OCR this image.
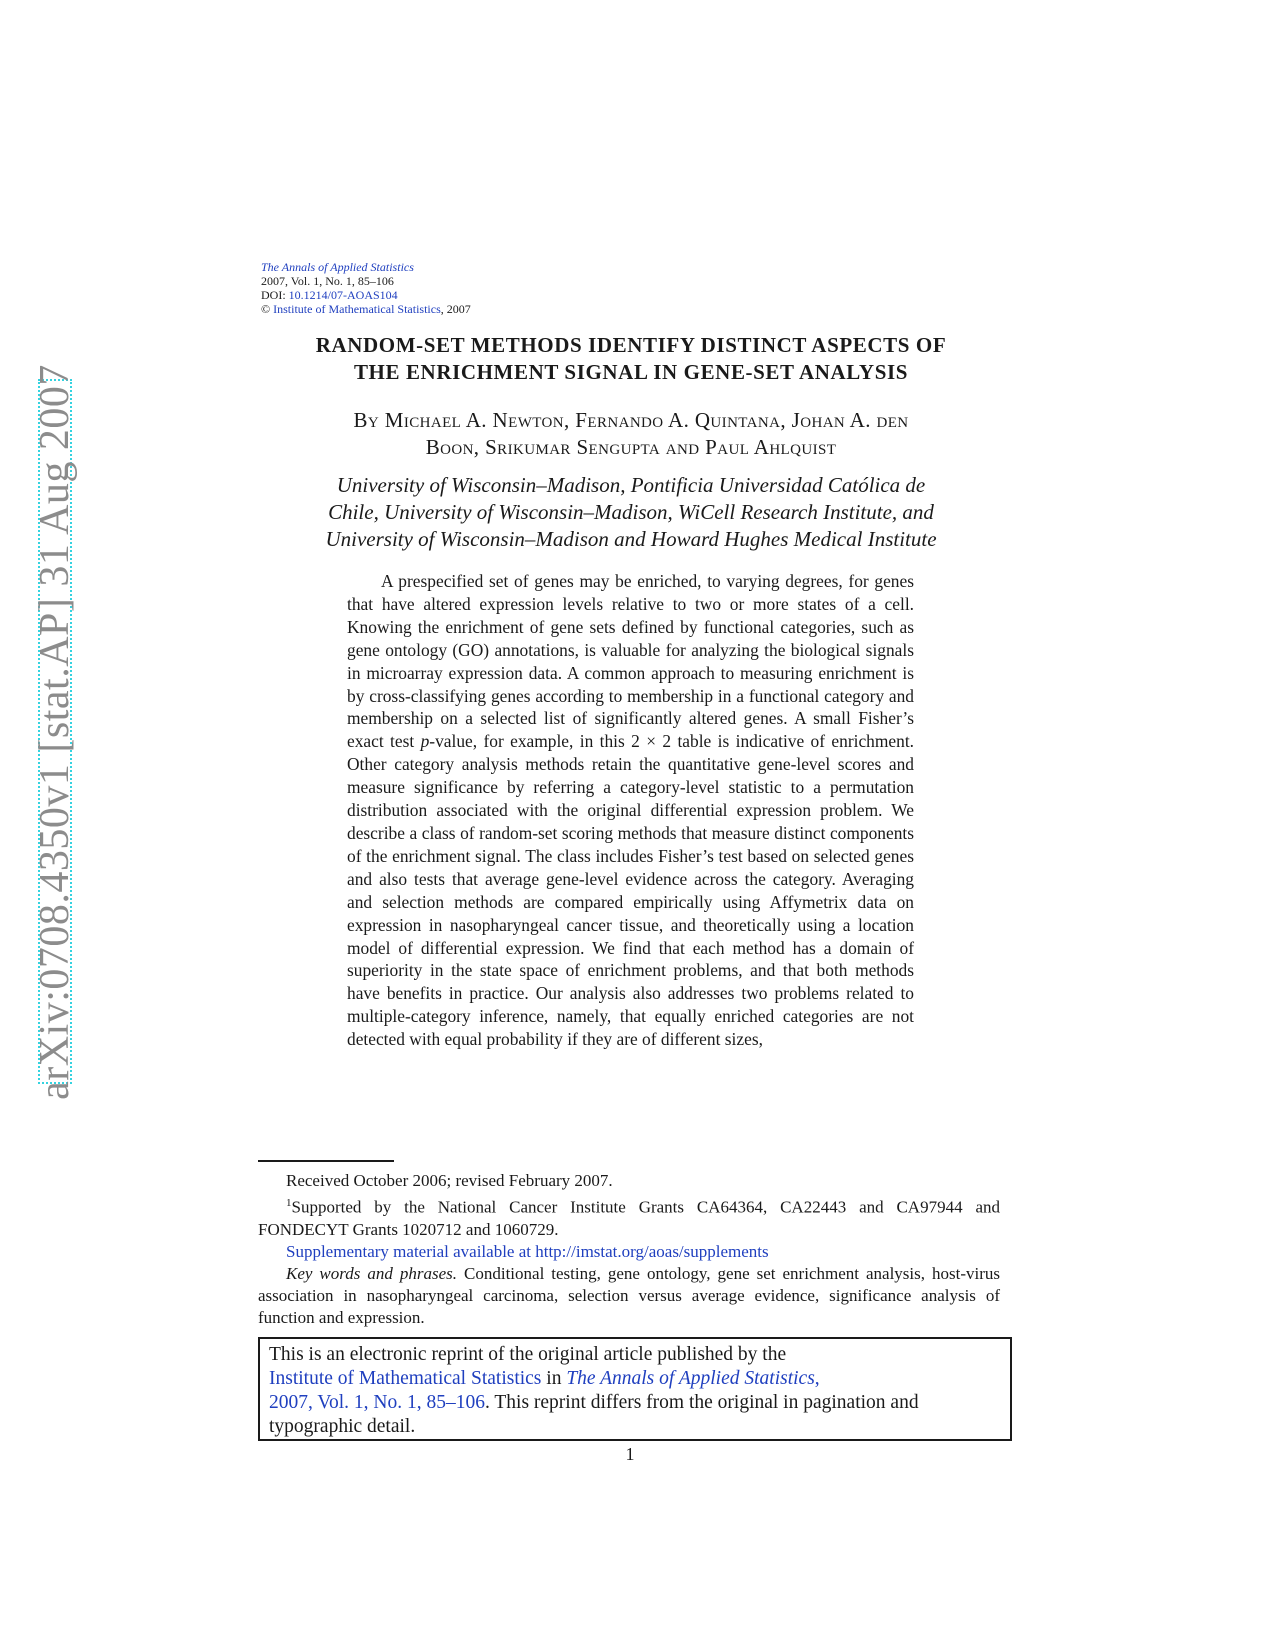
arXiv:0708.4350v1 [stat.AP] 31 Aug 2007
The Annals of Applied Statistics
2007, Vol. 1, No. 1, 85–106
DOI: 10.1214/07-AOAS104
© Institute of Mathematical Statistics, 2007
RANDOM-SET METHODS IDENTIFY DISTINCT ASPECTS OF
THE ENRICHMENT SIGNAL IN GENE-SET ANALYSIS
By Michael A. Newton, Fernando A. Quintana, Johan A. den
Boon, Srikumar Sengupta and Paul Ahlquist
University of Wisconsin–Madison, Pontificia Universidad Católica de
Chile, University of Wisconsin–Madison, WiCell Research Institute, and
University of Wisconsin–Madison and Howard Hughes Medical Institute
A prespecified set of genes may be enriched, to varying degrees, for genes that have altered expression levels relative to two or more states of a cell. Knowing the enrichment of gene sets defined by functional categories, such as gene ontology (GO) annotations, is valuable for analyzing the biological signals in microarray expression data. A common approach to measuring enrichment is by cross-classifying genes according to membership in a functional category and membership on a selected list of significantly altered genes. A small Fisher’s exact test p-value, for example, in this 2 × 2 table is indicative of enrichment. Other category analysis methods retain the quantitative gene-level scores and measure significance by referring a category-level statistic to a permutation distribution associated with the original differential expression problem. We describe a class of random-set scoring methods that measure distinct components of the enrichment signal. The class includes Fisher’s test based on selected genes and also tests that average gene-level evidence across the category. Averaging and selection methods are compared empirically using Affymetrix data on expression in nasopharyngeal cancer tissue, and theoretically using a location model of differential expression. We find that each method has a domain of superiority in the state space of enrichment problems, and that both methods have benefits in practice. Our analysis also addresses two problems related to multiple-category inference, namely, that equally enriched categories are not detected with equal probability if they are of different sizes,

Received October 2006; revised February 2007.

$^1$Supported by the National Cancer Institute Grants CA64364, CA22443 and CA97944 and FONDECYT Grants 1020712 and 1060729.

Supplementary material available at http://imstat.org/aoas/supplements

Key words and phrases. Conditional testing, gene ontology, gene set enrichment analysis, host-virus association in nasopharyngeal carcinoma, selection versus average evidence, significance analysis of function and expression.

This is an electronic reprint of the original article published by the
Institute of Mathematical Statistics in The Annals of Applied Statistics,
2007, Vol. 1, No. 1, 85–106. This reprint differs from the original in pagination and typographic detail.
1
